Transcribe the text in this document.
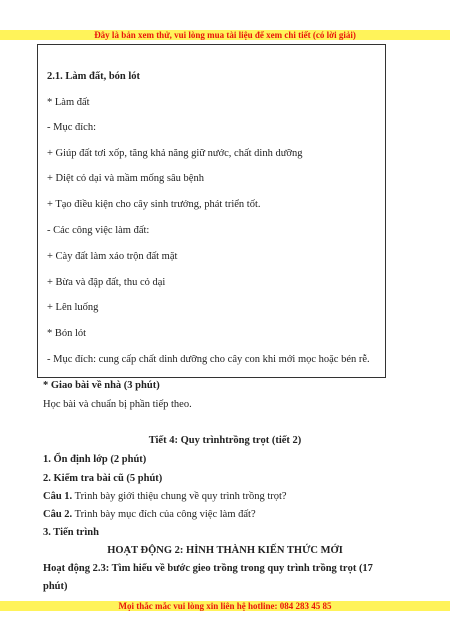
Đây là bản xem thử, vui lòng mua tài liệu để xem chi tiết (có lời giải)
2.1. Làm đất, bón lót
* Làm đất
- Mục đích:
+ Giúp đất tơi xốp, tăng khả năng giữ nước, chất dinh dưỡng
+ Diệt cỏ dại và mầm mống sâu bệnh
+ Tạo điều kiện cho cây sinh trưởng, phát triển tốt.
- Các công việc làm đất:
+ Cày đất làm xáo trộn đất mặt
+ Bừa và đập đất, thu cỏ dại
+ Lên luống
* Bón lót
- Mục đích: cung cấp chất dinh dưỡng cho cây con khi mới mọc hoặc bén rễ.
* Giao bài về nhà (3 phút)
Học bài và chuẩn bị phần tiếp theo.
Tiết 4: Quy trìnhtrồng trọt (tiết 2)
1. Ổn định lớp (2 phút)
2. Kiểm tra bài cũ (5 phút)
Câu 1. Trình bày giới thiệu chung về quy trình trồng trọt?
Câu 2. Trình bày mục đích của công việc làm đất?
3. Tiến trình
HOẠT ĐỘNG 2: HÌNH THÀNH KIẾN THỨC MỚI
Hoạt động 2.3: Tìm hiểu về bước gieo trồng trong quy trình trồng trọt (17
phút)
Mọi thắc mắc vui lòng xin liên hệ hotline: 084 283 45 85
